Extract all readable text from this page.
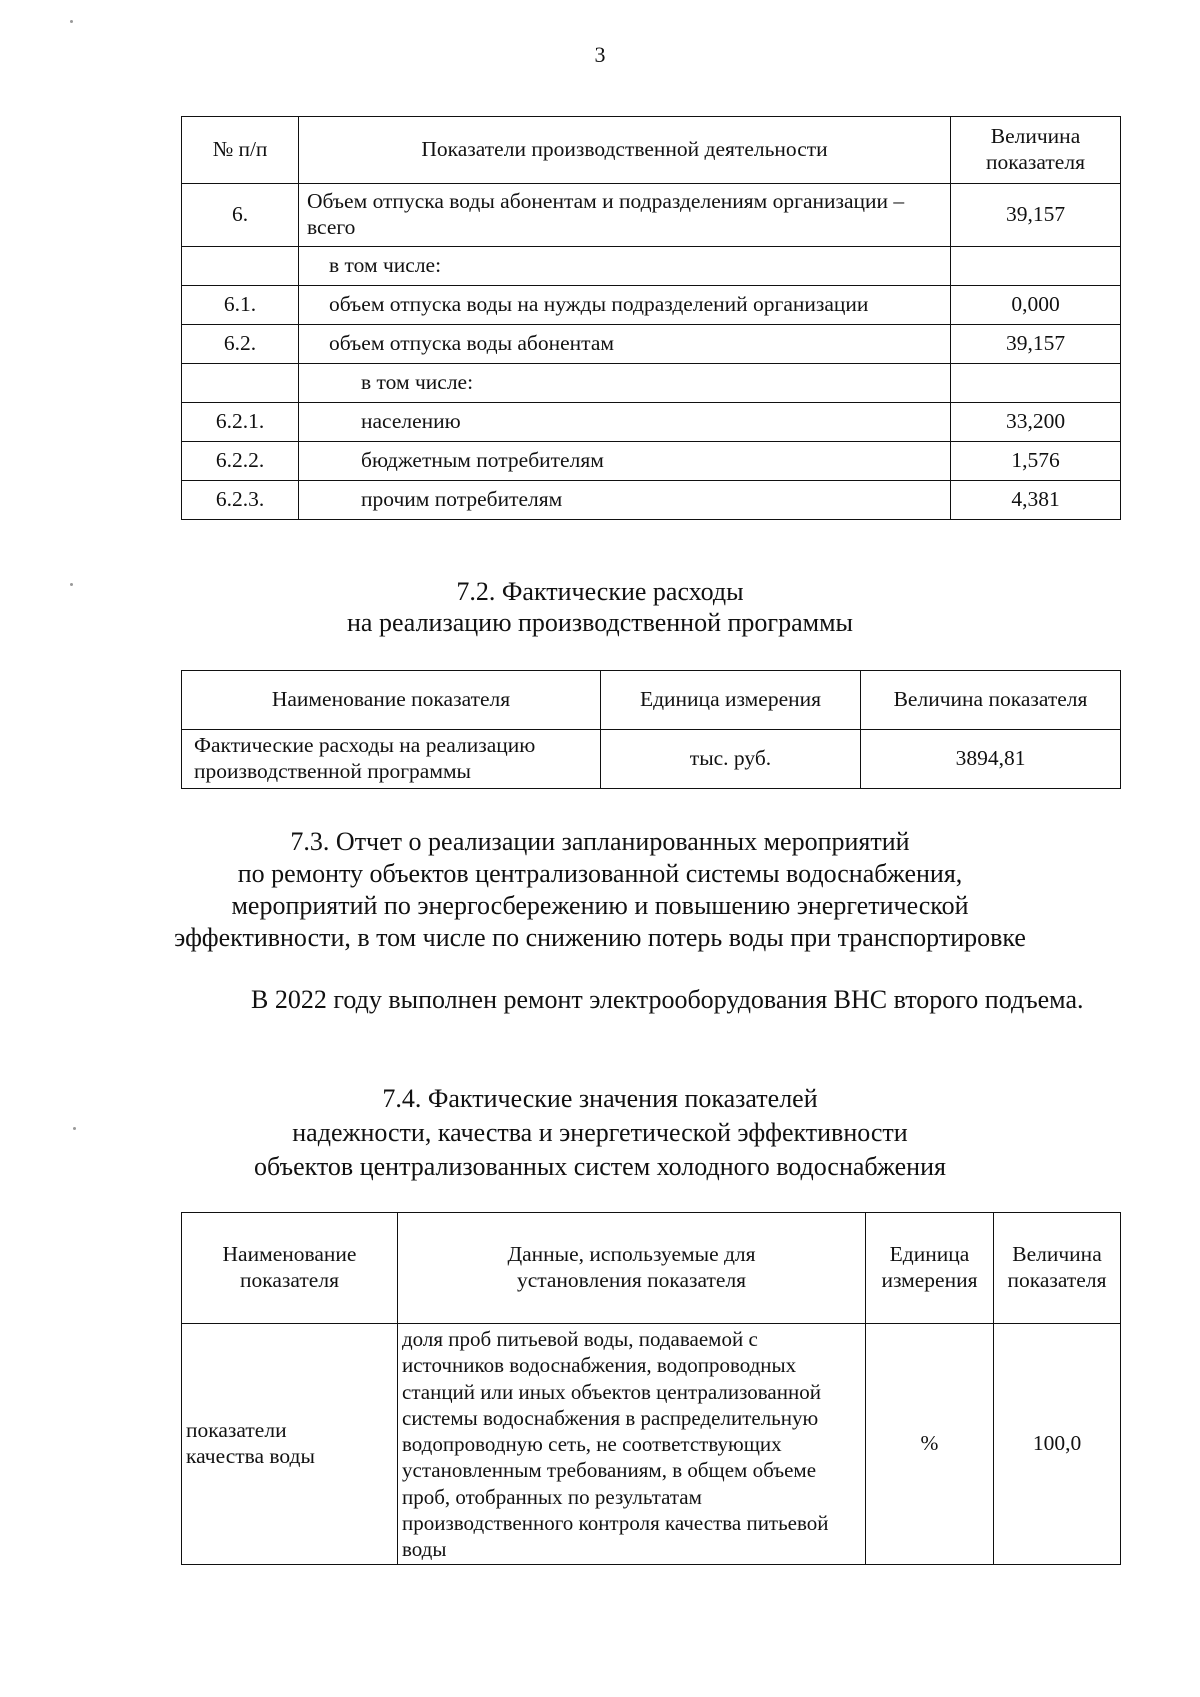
3
№ п/п	Показатели производственной деятельности	Величина показателя
6.	Объем отпуска воды абонентам и подразделениям организации – всего	39,157
	в том числе:	
6.1.	объем отпуска воды на нужды подразделений организации	0,000
6.2.	объем отпуска воды абонентам	39,157
	в том числе:	
6.2.1.	населению	33,200
6.2.2.	бюджетным потребителям	1,576
6.2.3.	прочим потребителям	4,381
7.2. Фактические расходы
на реализацию производственной программы
Наименование показателя	Единица измерения	Величина показателя
Фактические расходы на реализацию производственной программы	тыс. руб.	3894,81
7.3. Отчет о реализации запланированных мероприятий
по ремонту объектов централизованной системы водоснабжения,
мероприятий по энергосбережению и повышению энергетической
эффективности, в том числе по снижению потерь воды при транспортировке

В 2022 году выполнен ремонт электрооборудования ВНС второго подъема.

7.4. Фактические значения показателей
надежности, качества и энергетической эффективности
объектов централизованных систем холодного водоснабжения
Наименование показателя	Данные, используемые для установления показателя	Единица измерения	Величина показателя
показатели качества воды	доля проб питьевой воды, подаваемой с источников водоснабжения, водопроводных станций или иных объектов централизованной системы водоснабжения в распределительную водопроводную сеть, не соответствующих установленным требованиям, в общем объеме проб, отобранных по результатам производственного контроля качества питьевой воды	%	100,0
